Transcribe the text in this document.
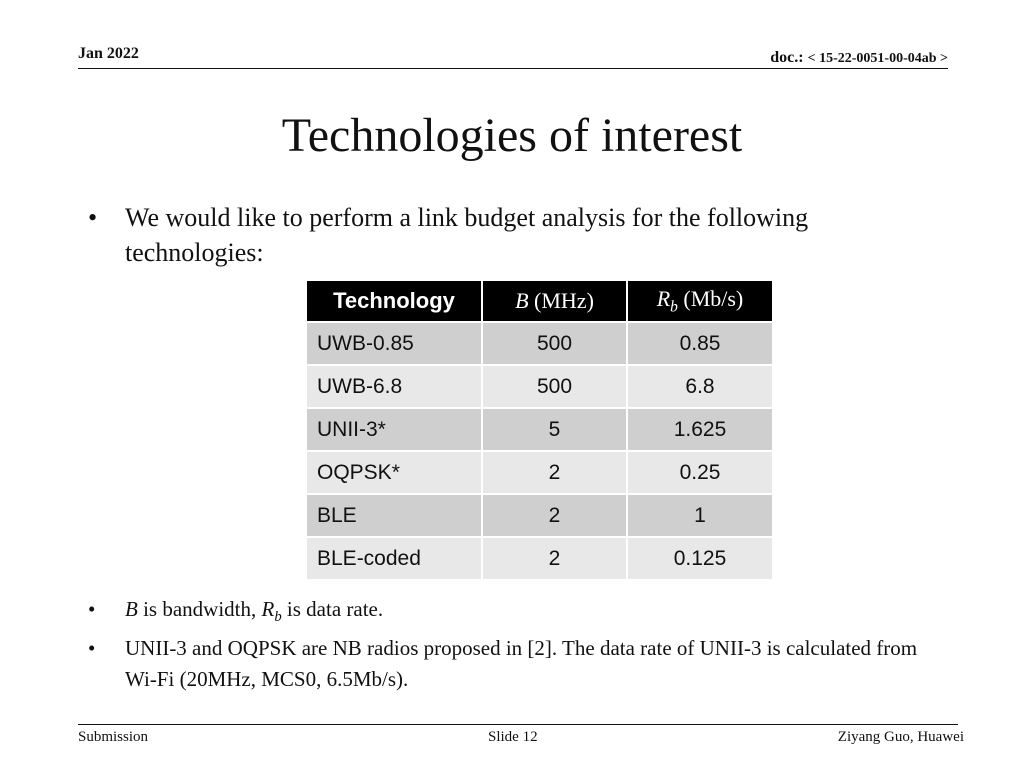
Jan 2022	doc.: < 15-22-0051-00-04ab >
Technologies of interest
•	We would like to perform a link budget analysis for the following technologies:
Technology	B (MHz)	$R_b$ (Mb/s)
UWB-0.85	500	0.85
UWB-6.8	500	6.8
UNII-3*	5	1.625
OQPSK*	2	0.25
BLE	2	1
BLE-coded	2	0.125
•	B is bandwidth, $R_b$ is data rate.
•	UNII-3 and OQPSK are NB radios proposed in [2]. The data rate of UNII-3 is calculated from Wi-Fi (20MHz, MCS0, 6.5Mb/s).
Submission	Slide 12	Ziyang Guo, Huawei
